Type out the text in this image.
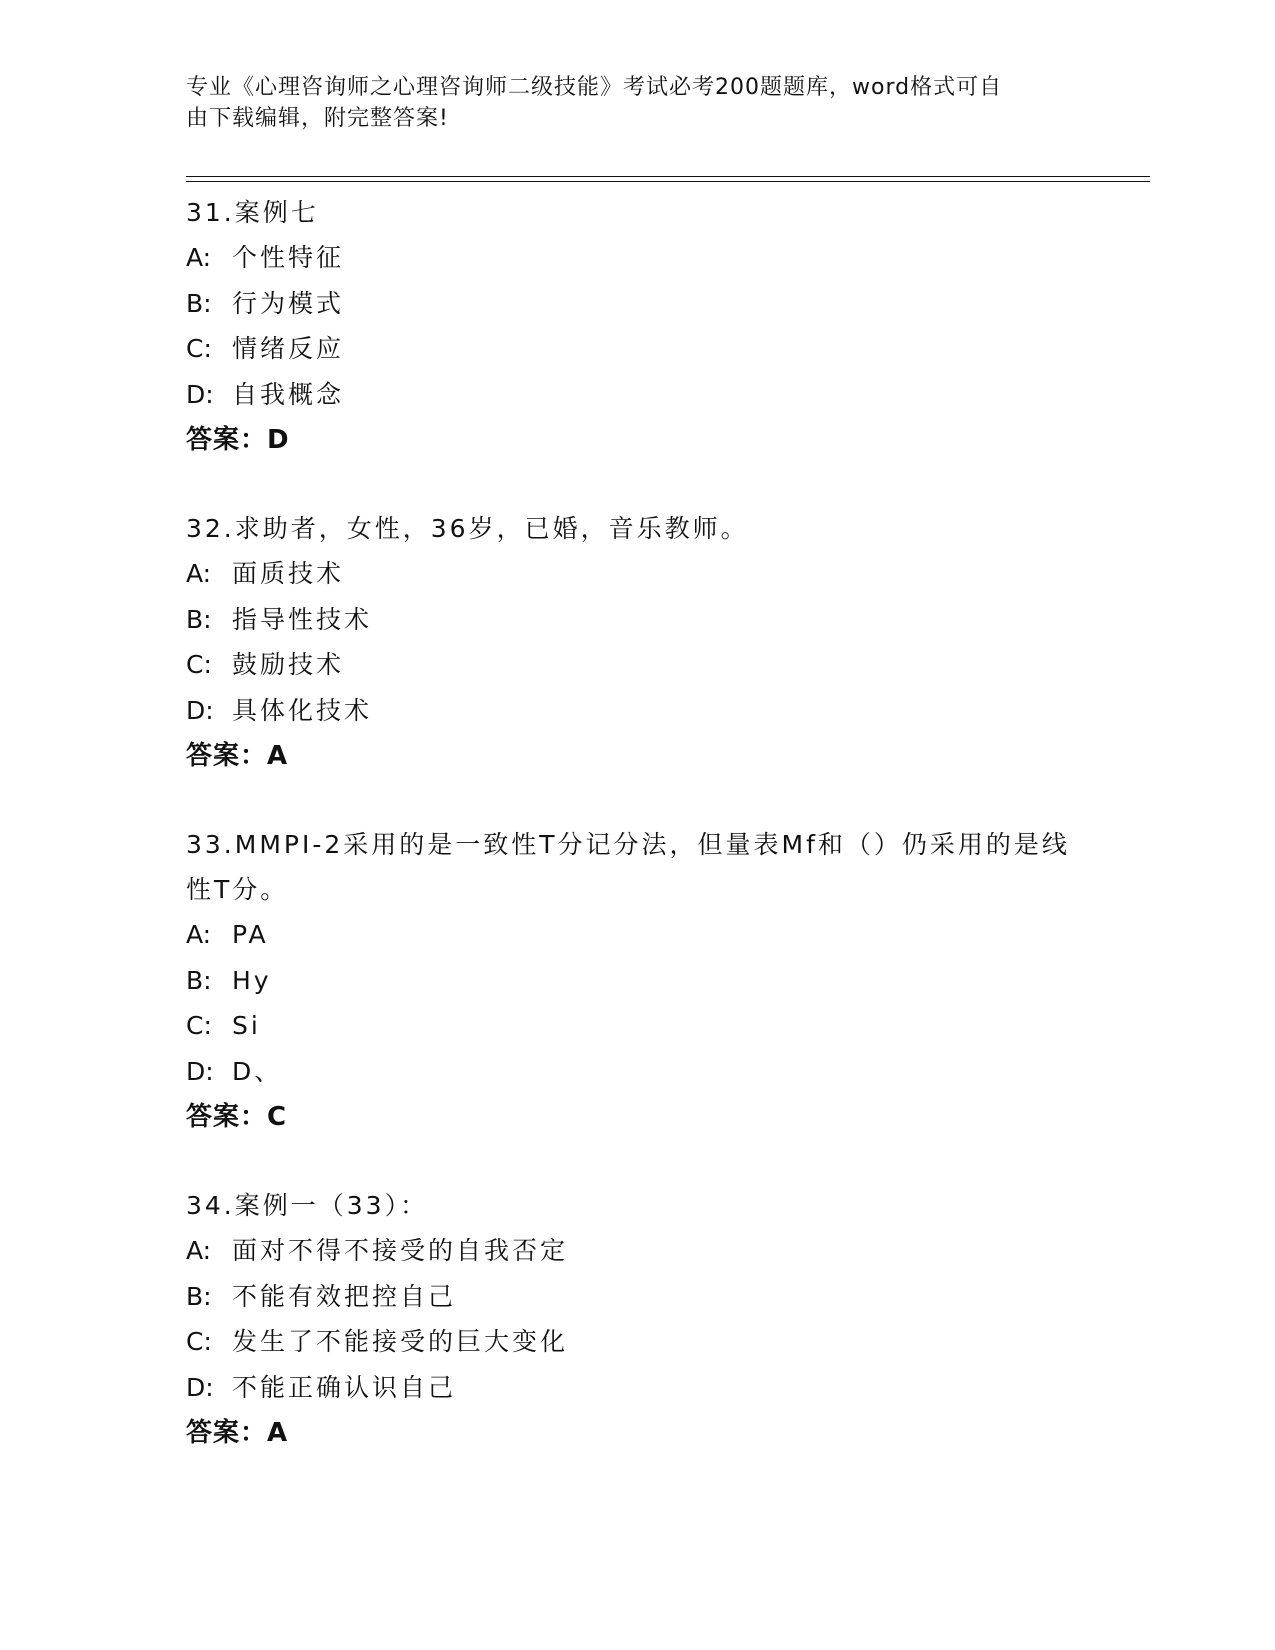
专业《心理咨询师之心理咨询师二级技能》考试必考200题题库，word格式可自
由下载编辑，附完整答案!
31.案例七
A: 个性特征
B: 行为模式
C: 情绪反应
D: 自我概念
答案：D
32.求助者，女性，36岁，已婚，音乐教师。
A: 面质技术
B: 指导性技术
C: 鼓励技术
D: 具体化技术
答案：A
33.MMPI-2采用的是一致性T分记分法，但量表Mf和（）仍采用的是线性T分。
A: PA
B: Hy
C: Si
D: D、
答案：C
34.案例一（33）：
A: 面对不得不接受的自我否定
B: 不能有效把控自己
C: 发生了不能接受的巨大变化
D: 不能正确认识自己
答案：A
